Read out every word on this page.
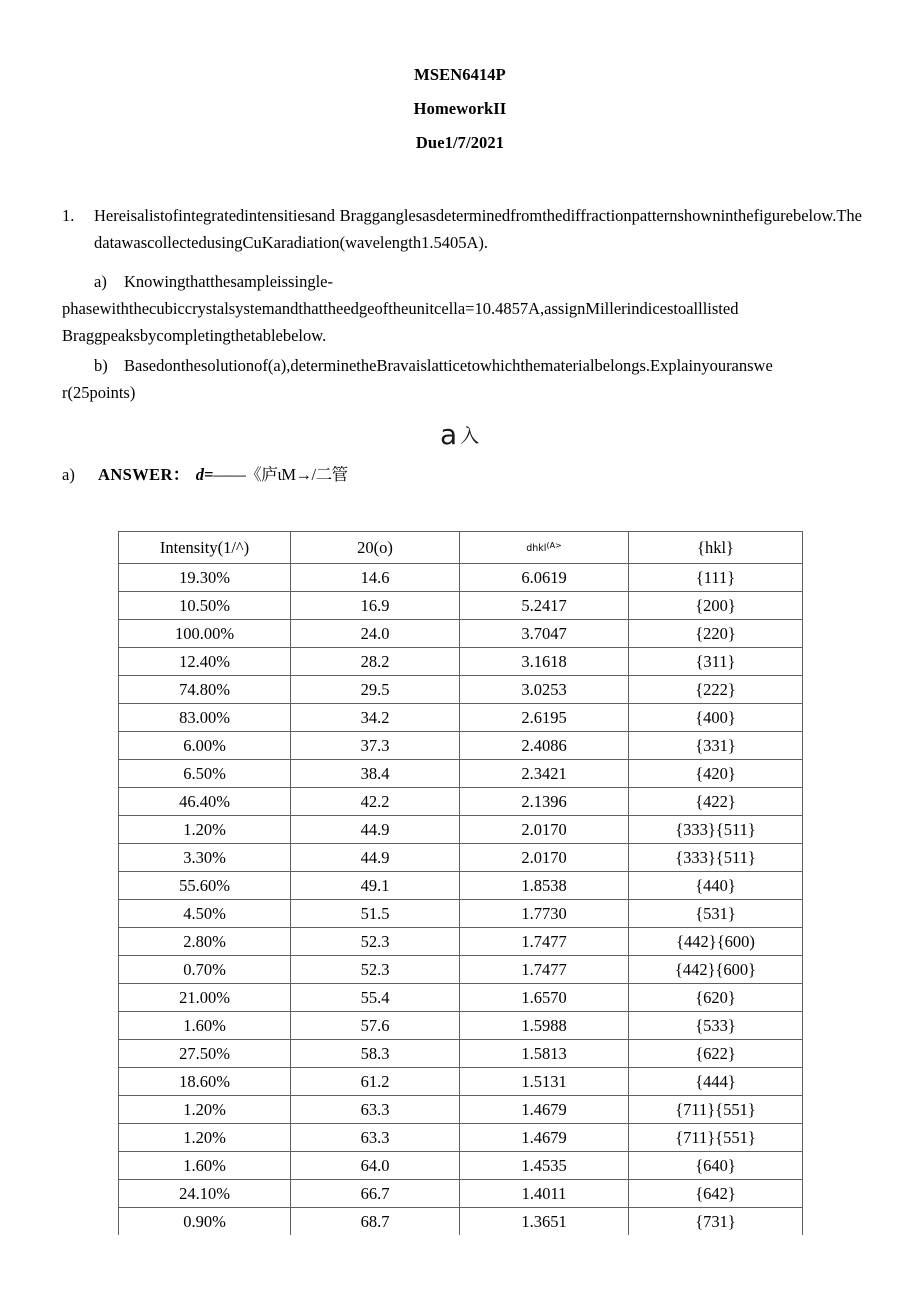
MSEN6414P
HomeworkII
Due1/7/2021
1.	Hereisalistofintegratedintensitiesand Bragganglesasdeterminedfromthediffractionpatternshowninthefigurebelow.ThedatawascollectedusingCuKaradiation(wavelength1.5405A).
a) Knowingthatthesampleissingle-
phasewiththecubiccrystalsystemandthattheedgeoftheunitcella=10.4857A,assignMillerindicestoalllisted
Braggpeaksbycompletingthetablebelow.
b) Basedonthesolutionof(a),determinetheBravaislatticetowhichthematerialbelongs.Explainyouranswe
r(25points)
a入
a) ANSWER： d=——《庐ιM→/二管
Intensity(1/^)	20(o)	dhkl$^{(A>}$	{hkl}
19.30%	14.6	6.0619	{111}
10.50%	16.9	5.2417	{200}
100.00%	24.0	3.7047	{220}
12.40%	28.2	3.1618	{311}
74.80%	29.5	3.0253	{222}
83.00%	34.2	2.6195	{400}
6.00%	37.3	2.4086	{331}
6.50%	38.4	2.3421	{420}
46.40%	42.2	2.1396	{422}
1.20%	44.9	2.0170	{333}{511}
3.30%	44.9	2.0170	{333}{511}
55.60%	49.1	1.8538	{440}
4.50%	51.5	1.7730	{531}
2.80%	52.3	1.7477	{442}{600)
0.70%	52.3	1.7477	{442}{600}
21.00%	55.4	1.6570	{620}
1.60%	57.6	1.5988	{533}
27.50%	58.3	1.5813	{622}
18.60%	61.2	1.5131	{444}
1.20%	63.3	1.4679	{711}{551}
1.20%	63.3	1.4679	{711}{551}
1.60%	64.0	1.4535	{640}
24.10%	66.7	1.4011	{642}
0.90%	68.7	1.3651	{731}
